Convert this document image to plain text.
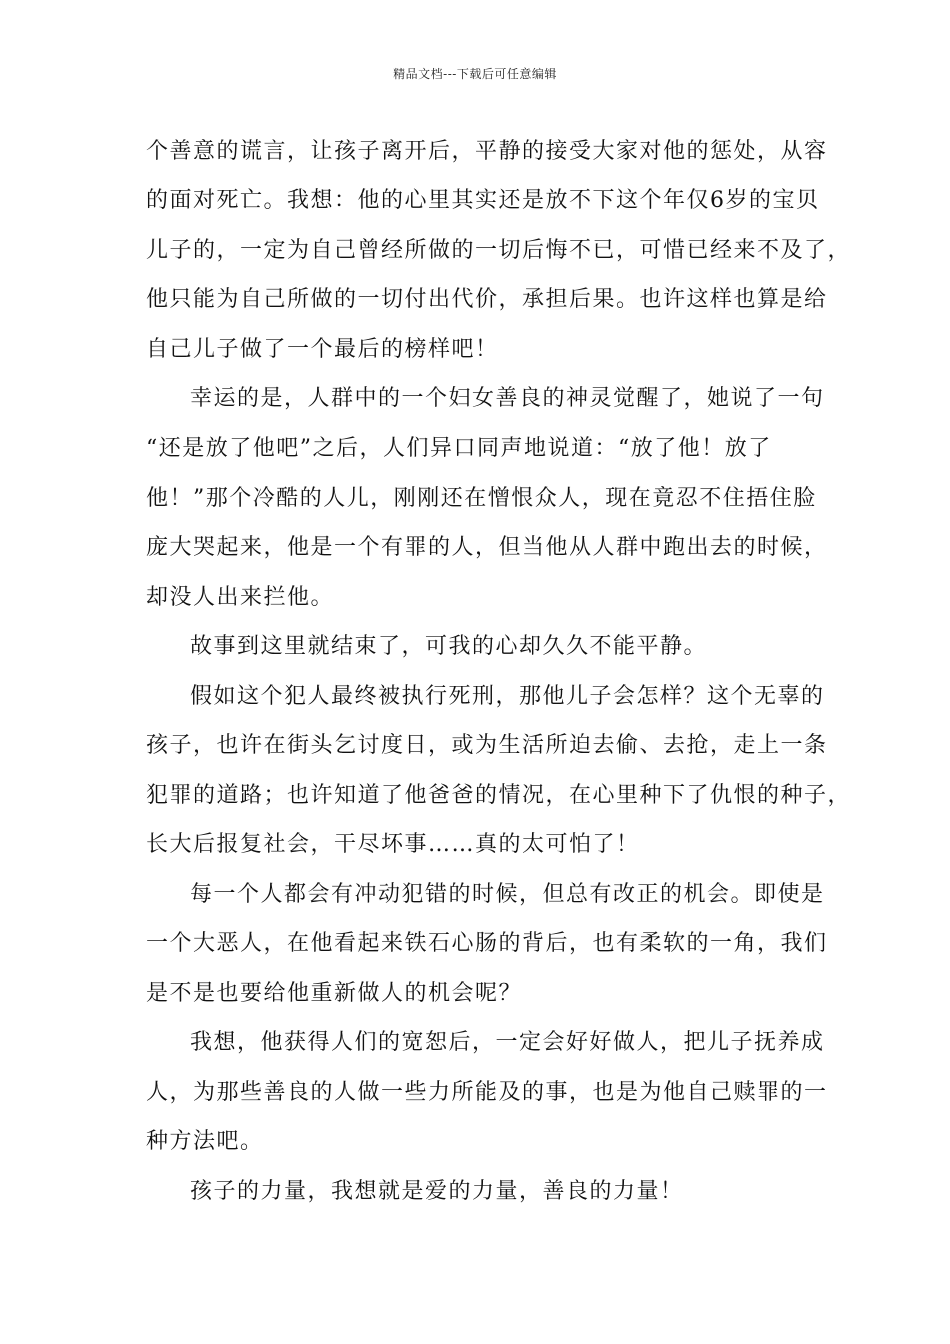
精品文档---下载后可任意编辑
个善意的谎言，让孩子离开后，平静的接受大家对他的惩处，从容
的面对死亡。我想：他的心里其实还是放不下这个年仅6岁的宝贝
儿子的，一定为自己曾经所做的一切后悔不已，可惜已经来不及了，
他只能为自己所做的一切付出代价，承担后果。也许这样也算是给
自己儿子做了一个最后的榜样吧！
幸运的是，人群中的一个妇女善良的神灵觉醒了，她说了一句
“还是放了他吧”之后，人们异口同声地说道：“放了他！放了
他！”那个冷酷的人儿，刚刚还在憎恨众人，现在竟忍不住捂住脸
庞大哭起来，他是一个有罪的人，但当他从人群中跑出去的时候，
却没人出来拦他。
故事到这里就结束了，可我的心却久久不能平静。
假如这个犯人最终被执行死刑，那他儿子会怎样？这个无辜的
孩子，也许在街头乞讨度日，或为生活所迫去偷、去抢，走上一条
犯罪的道路；也许知道了他爸爸的情况，在心里种下了仇恨的种子，
长大后报复社会，干尽坏事……真的太可怕了！
每一个人都会有冲动犯错的时候，但总有改正的机会。即使是
一个大恶人，在他看起来铁石心肠的背后，也有柔软的一角，我们
是不是也要给他重新做人的机会呢？
我想，他获得人们的宽恕后，一定会好好做人，把儿子抚养成
人，为那些善良的人做一些力所能及的事，也是为他自己赎罪的一
种方法吧。
孩子的力量，我想就是爱的力量，善良的力量！
